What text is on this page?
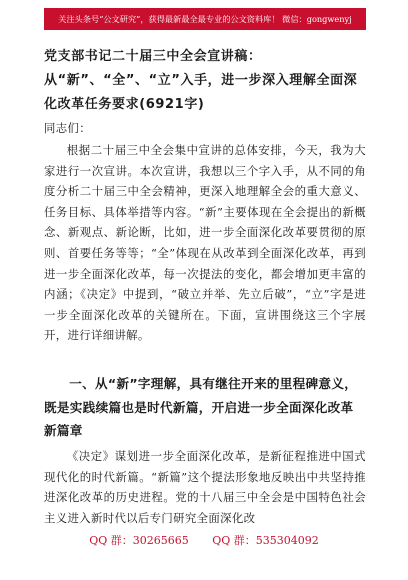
关注头条号“公文研究”，获得最新最全最专业的公文资料库！ 微信：gongwenyj
党支部书记二十届三中全会宣讲稿：从“新”、“全”、“立”入手，进一步深入理解全面深化改革任务要求(6921字)

同志们：

根据二十届三中全会集中宣讲的总体安排，今天，我为大家进行一次宣讲。本次宣讲，我想以三个字入手，从不同的角度分析二十届三中全会精神，更深入地理解全会的重大意义、任务目标、具体举措等内容。“新”主要体现在全会提出的新概念、新观点、新论断，比如，进一步全面深化改革要贯彻的原则、首要任务等等；“全”体现在从改革到全面深化改革，再到进一步全面深化改革，每一次提法的变化，都会增加更丰富的内涵；《决定》中提到，“破立并举、先立后破”，“立”字是进一步全面深化改革的关键所在。下面，宣讲围绕这三个字展开，进行详细讲解。

一、从“新”字理解，具有继往开来的里程碑意义，既是实践续篇也是时代新篇，开启进一步全面深化改革新篇章

《决定》谋划进一步全面深化改革，是新征程推进中国式现代化的时代新篇。“新篇”这个提法形象地反映出中共坚持推进深化改革的历史进程。党的十八届三中全会是中国特色社会主义进入新时代以后专门研究全面深化改

QQ 群：30265665 QQ 群：535304092
